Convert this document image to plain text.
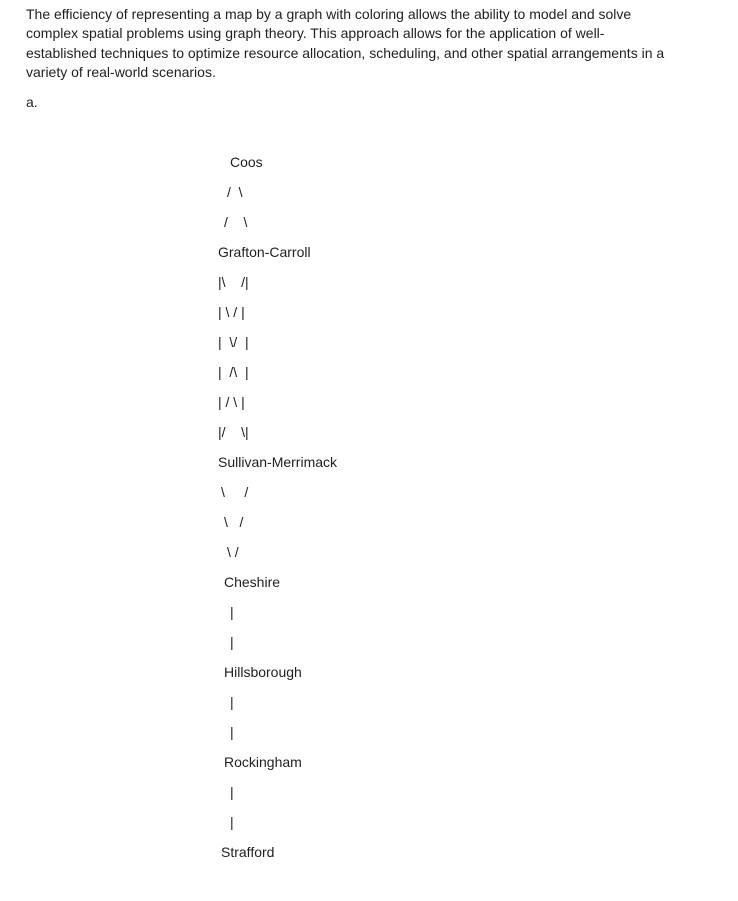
The efficiency of representing a map by a graph with coloring allows the ability to model and solve complex spatial problems using graph theory. This approach allows for the application of well-established techniques to optimize resource allocation, scheduling, and other spatial arrangements in a variety of real-world scenarios.

a.

Coos
/  \
/    \
Grafton-Carroll
|\    /|
| \ / |
|  \/  |
|  /\  |
| / \ |
|/    \|
Sullivan-Merrimack
\     /
\   /
\ /
Cheshire
|
|
Hillsborough
|
|
Rockingham
|
|
Strafford
